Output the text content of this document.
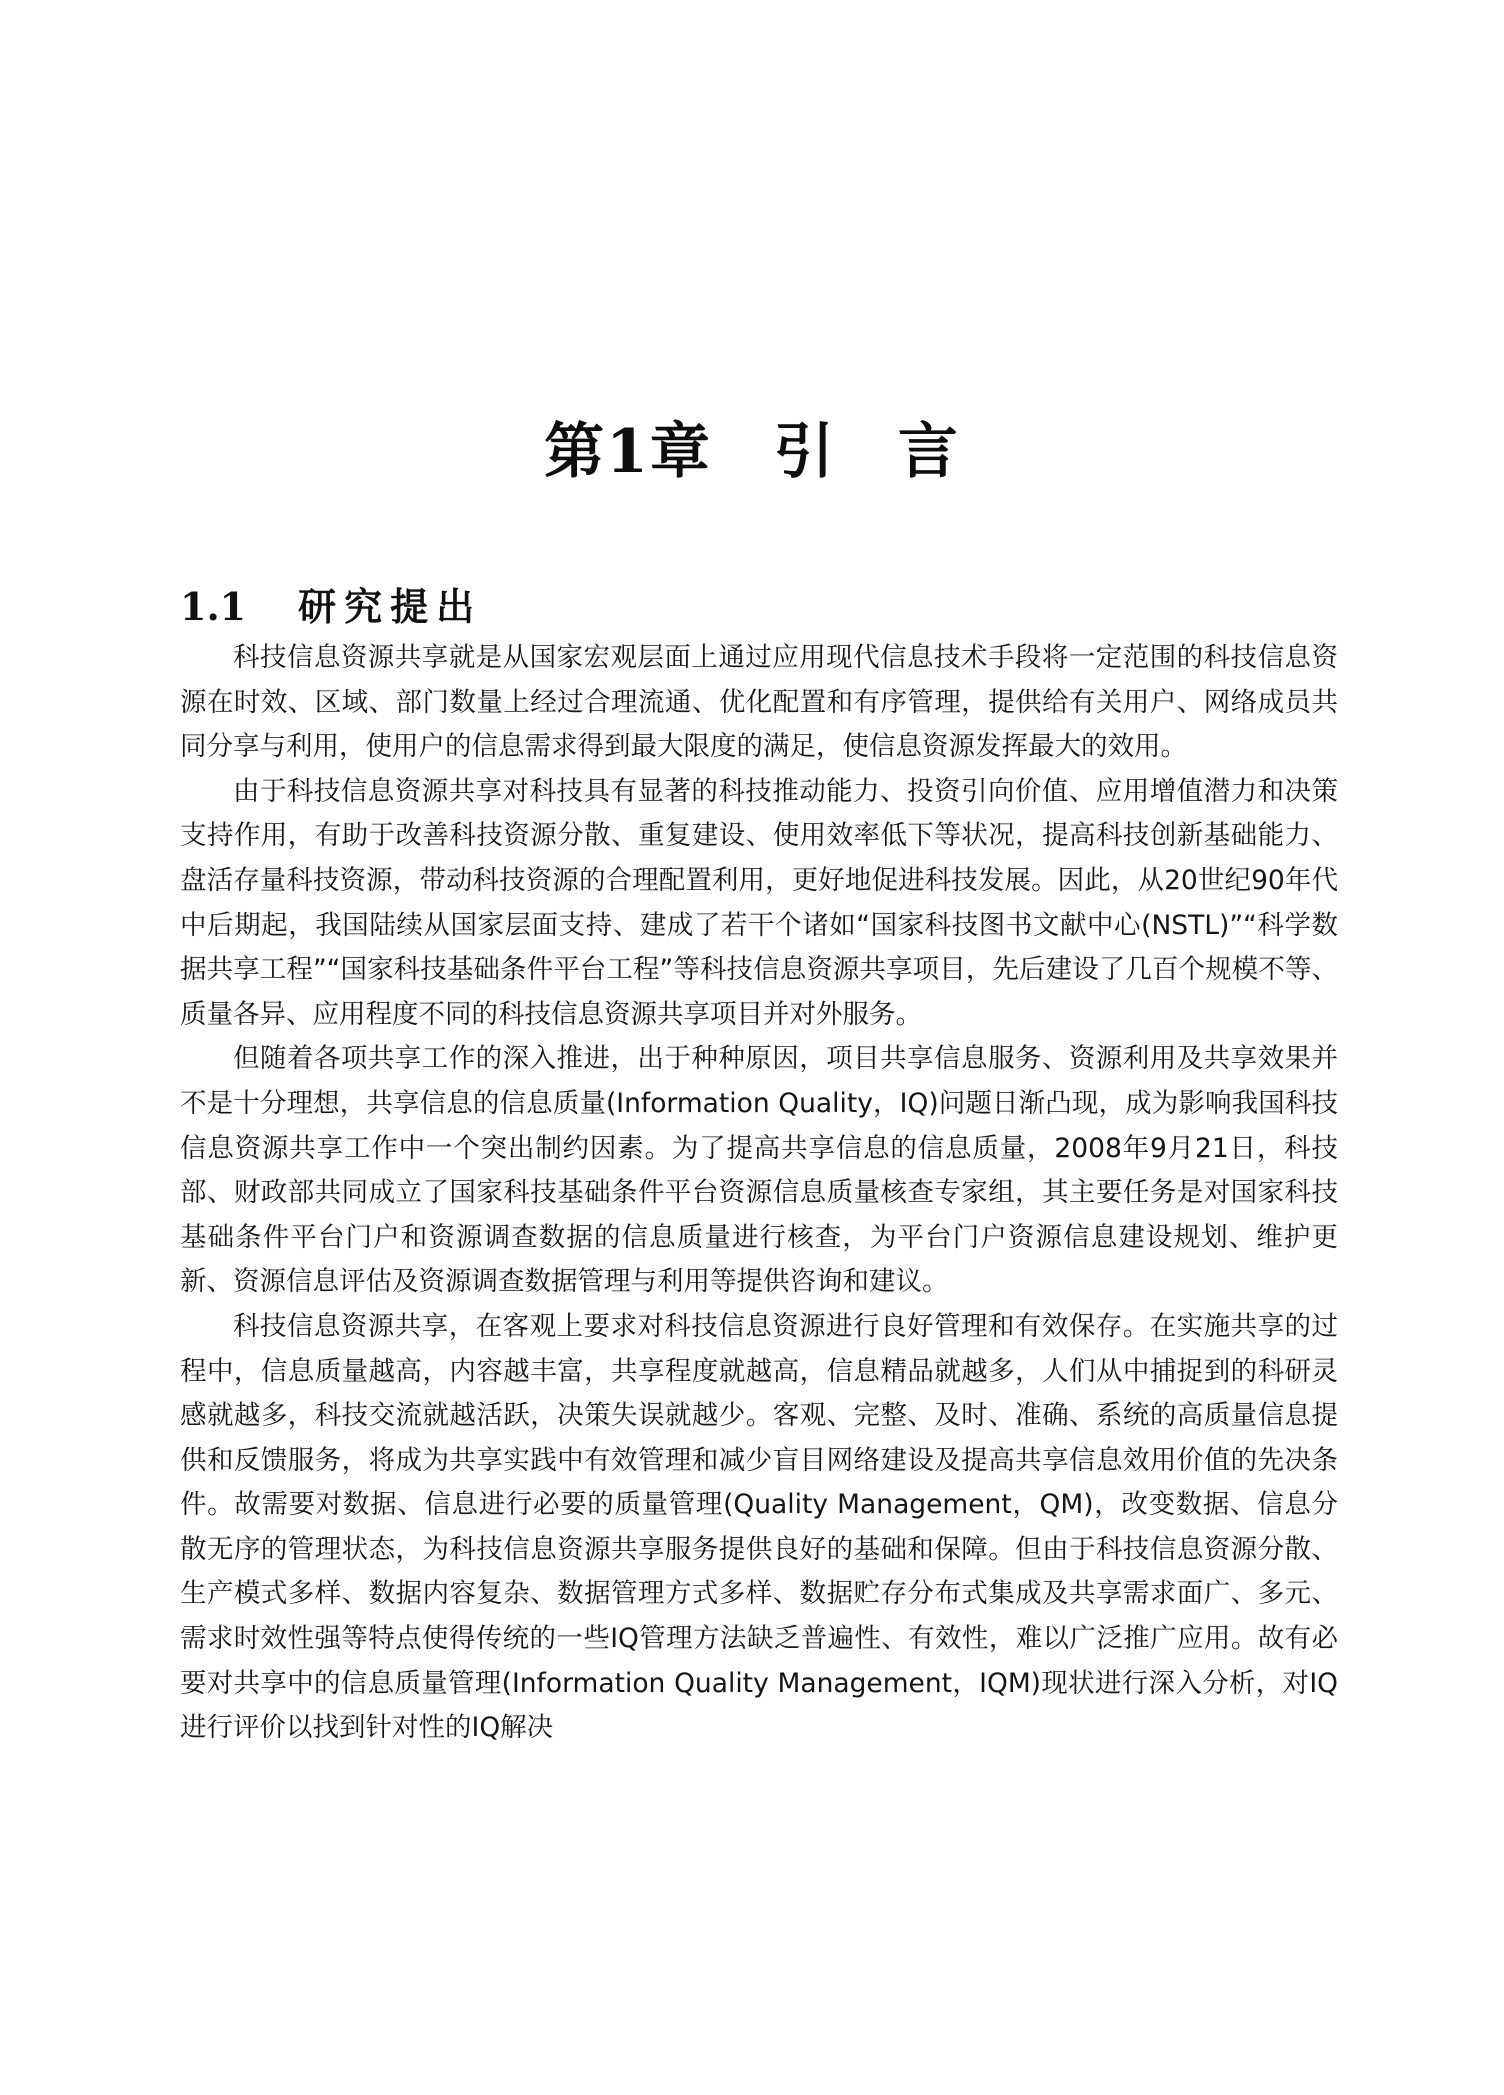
第1章　引　言
1.1 研究提出

科技信息资源共享就是从国家宏观层面上通过应用现代信息技术手段将一定范围的科技信息资源在时效、区域、部门数量上经过合理流通、优化配置和有序管理，提供给有关用户、网络成员共同分享与利用，使用户的信息需求得到最大限度的满足，使信息资源发挥最大的效用。

由于科技信息资源共享对科技具有显著的科技推动能力、投资引向价值、应用增值潜力和决策支持作用，有助于改善科技资源分散、重复建设、使用效率低下等状况，提高科技创新基础能力、盘活存量科技资源，带动科技资源的合理配置利用，更好地促进科技发展。因此，从20世纪90年代中后期起，我国陆续从国家层面支持、建成了若干个诸如“国家科技图书文献中心(NSTL)”“科学数据共享工程”“国家科技基础条件平台工程”等科技信息资源共享项目，先后建设了几百个规模不等、质量各异、应用程度不同的科技信息资源共享项目并对外服务。

但随着各项共享工作的深入推进，出于种种原因，项目共享信息服务、资源利用及共享效果并不是十分理想，共享信息的信息质量(Information Quality，IQ)问题日渐凸现，成为影响我国科技信息资源共享工作中一个突出制约因素。为了提高共享信息的信息质量，2008年9月21日，科技部、财政部共同成立了国家科技基础条件平台资源信息质量核查专家组，其主要任务是对国家科技基础条件平台门户和资源调查数据的信息质量进行核查，为平台门户资源信息建设规划、维护更新、资源信息评估及资源调查数据管理与利用等提供咨询和建议。

科技信息资源共享，在客观上要求对科技信息资源进行良好管理和有效保存。在实施共享的过程中，信息质量越高，内容越丰富，共享程度就越高，信息精品就越多，人们从中捕捉到的科研灵感就越多，科技交流就越活跃，决策失误就越少。客观、完整、及时、准确、系统的高质量信息提供和反馈服务，将成为共享实践中有效管理和减少盲目网络建设及提高共享信息效用价值的先决条件。故需要对数据、信息进行必要的质量管理(Quality Management，QM)，改变数据、信息分散无序的管理状态，为科技信息资源共享服务提供良好的基础和保障。但由于科技信息资源分散、生产模式多样、数据内容复杂、数据管理方式多样、数据贮存分布式集成及共享需求面广、多元、需求时效性强等特点使得传统的一些IQ管理方法缺乏普遍性、有效性，难以广泛推广应用。故有必要对共享中的信息质量管理(Information Quality Management，IQM)现状进行深入分析，对IQ进行评价以找到针对性的IQ解决
